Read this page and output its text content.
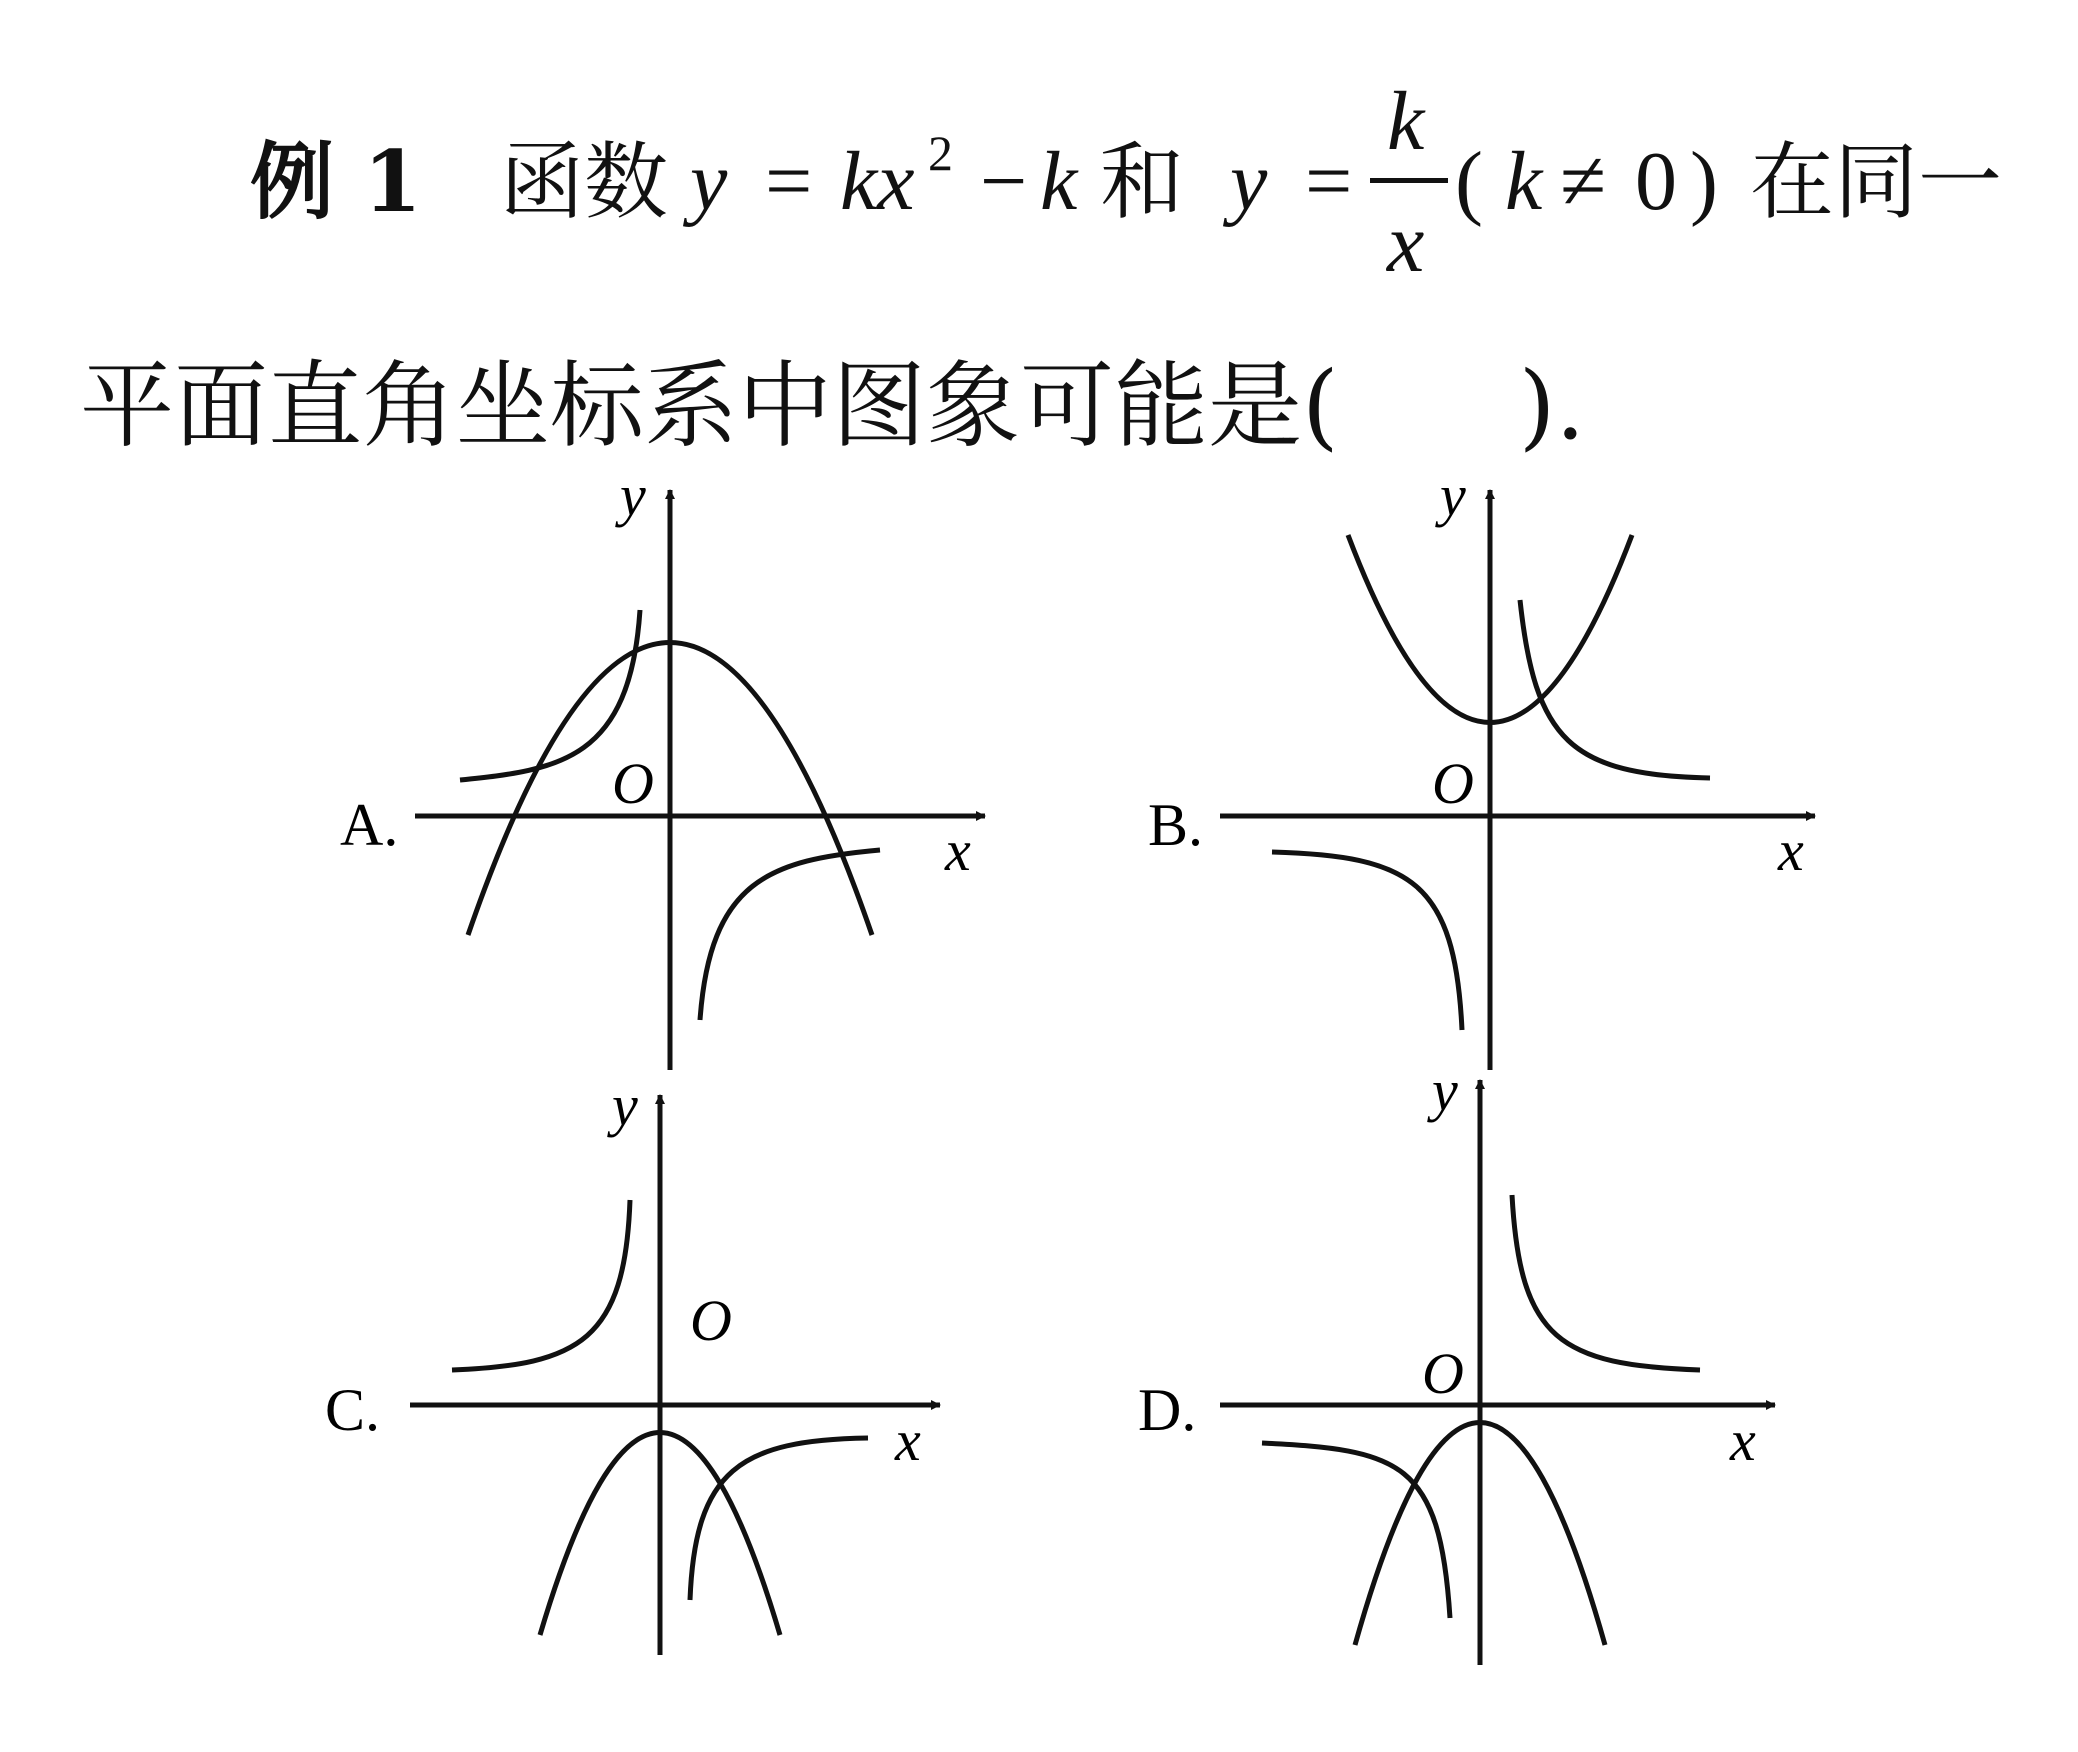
例 1 函数 y = kx 2 − k 和 y =
k
x
( k ≠ 0 ) 在同一
平面直角坐标系中图象可能是( ).
A.	x
y
O
B.	x
y
O
C.	x
y
O
D.	x
y
O
